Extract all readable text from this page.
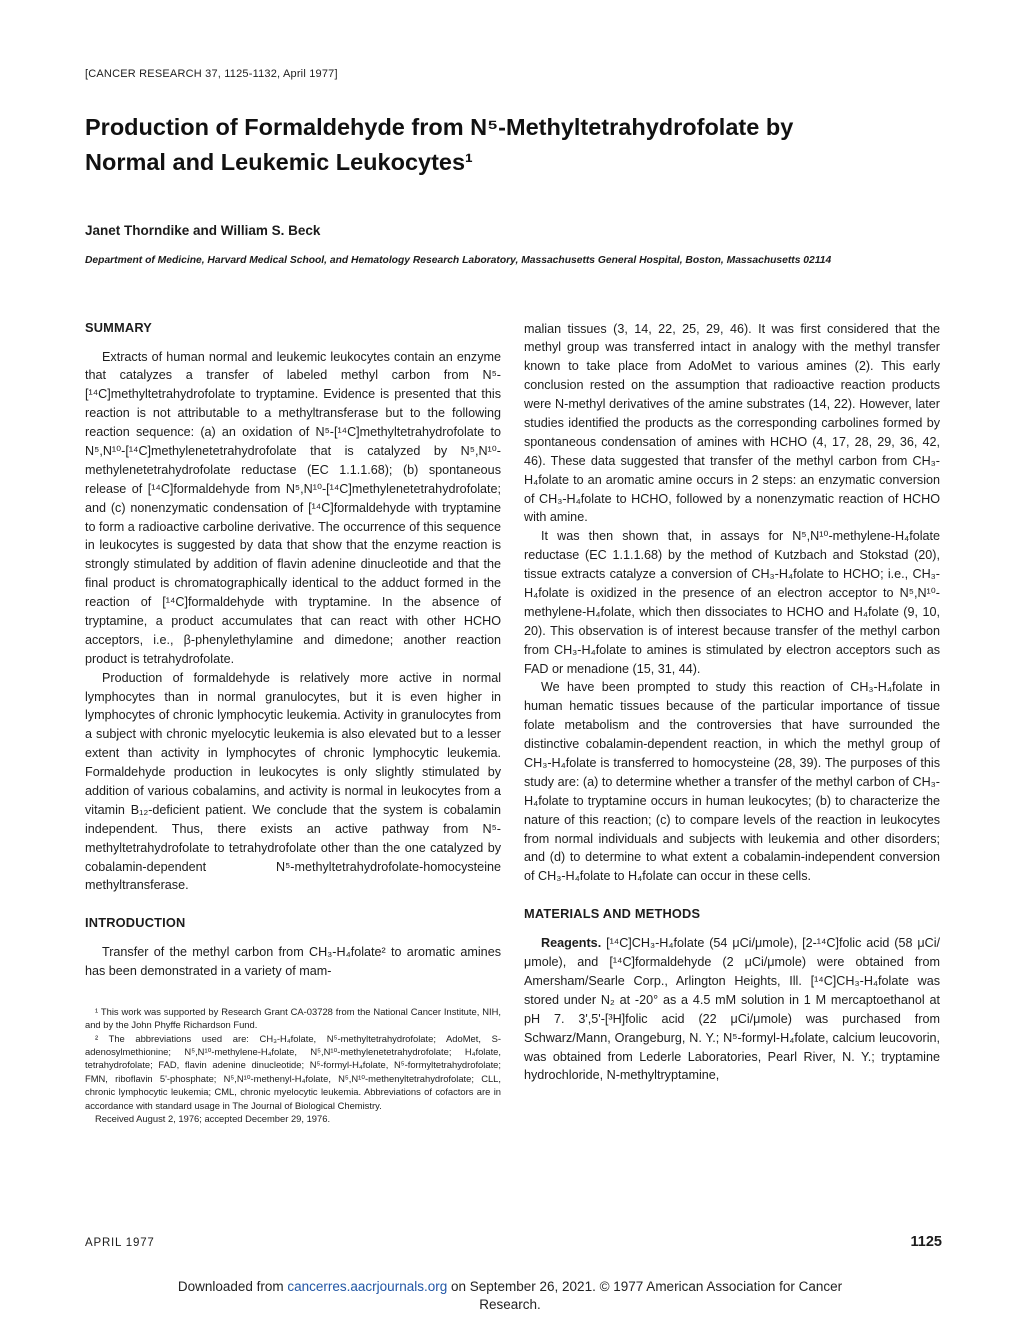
[CANCER RESEARCH 37, 1125-1132, April 1977]
Production of Formaldehyde from N⁵-Methyltetrahydrofolate by
Normal and Leukemic Leukocytes¹
Janet Thorndike and William S. Beck
Department of Medicine, Harvard Medical School, and Hematology Research Laboratory, Massachusetts General Hospital, Boston, Massachusetts 02114
SUMMARY

Extracts of human normal and leukemic leukocytes contain an enzyme that catalyzes a transfer of labeled methyl carbon from N⁵-[¹⁴C]methyltetrahydrofolate to tryptamine. Evidence is presented that this reaction is not attributable to a methyltransferase but to the following reaction sequence: (a) an oxidation of N⁵-[¹⁴C]methyltetrahydrofolate to N⁵,N¹⁰-[¹⁴C]methylenetetrahydrofolate that is catalyzed by N⁵,N¹⁰-methylenetetrahydrofolate reductase (EC 1.1.1.68); (b) spontaneous release of [¹⁴C]formaldehyde from N⁵,N¹⁰-[¹⁴C]methylenetetrahydrofolate; and (c) nonenzymatic condensation of [¹⁴C]formaldehyde with tryptamine to form a radioactive carboline derivative. The occurrence of this sequence in leukocytes is suggested by data that show that the enzyme reaction is strongly stimulated by addition of flavin adenine dinucleotide and that the final product is chromatographically identical to the adduct formed in the reaction of [¹⁴C]formaldehyde with tryptamine. In the absence of tryptamine, a product accumulates that can react with other HCHO acceptors, i.e., β-phenylethylamine and dimedone; another reaction product is tetrahydrofolate.

Production of formaldehyde is relatively more active in normal lymphocytes than in normal granulocytes, but it is even higher in lymphocytes of chronic lymphocytic leukemia. Activity in granulocytes from a subject with chronic myelocytic leukemia is also elevated but to a lesser extent than activity in lymphocytes of chronic lymphocytic leukemia. Formaldehyde production in leukocytes is only slightly stimulated by addition of various cobalamins, and activity is normal in leukocytes from a vitamin B₁₂-deficient patient. We conclude that the system is cobalamin independent. Thus, there exists an active pathway from N⁵-methyltetrahydrofolate to tetrahydrofolate other than the one catalyzed by cobalamin-dependent N⁵-methyltetrahydrofolate-homocysteine methyltransferase.

INTRODUCTION

Transfer of the methyl carbon from CH₃-H₄folate² to aromatic amines has been demonstrated in a variety of mam-

¹ This work was supported by Research Grant CA-03728 from the National Cancer Institute, NIH, and by the John Phyffe Richardson Fund.

² The abbreviations used are: CH₃-H₄folate, N⁵-methyltetrahydrofolate; AdoMet, S-adenosylmethionine; N⁵,N¹⁰-methylene-H₄folate, N⁵,N¹⁰-methylenetetrahydrofolate; H₄folate, tetrahydrofolate; FAD, flavin adenine dinucleotide; N⁵-formyl-H₄folate, N⁵-formyltetrahydrofolate; FMN, riboflavin 5'-phosphate; N⁵,N¹⁰-methenyl-H₄folate, N⁵,N¹⁰-methenyltetrahydrofolate; CLL, chronic lymphocytic leukemia; CML, chronic myelocytic leukemia. Abbreviations of cofactors are in accordance with standard usage in The Journal of Biological Chemistry.

Received August 2, 1976; accepted December 29, 1976.

malian tissues (3, 14, 22, 25, 29, 46). It was first considered that the methyl group was transferred intact in analogy with the methyl transfer known to take place from AdoMet to various amines (2). This early conclusion rested on the assumption that radioactive reaction products were N-methyl derivatives of the amine substrates (14, 22). However, later studies identified the products as the corresponding carbolines formed by spontaneous condensation of amines with HCHO (4, 17, 28, 29, 36, 42, 46). These data suggested that transfer of the methyl carbon from CH₃-H₄folate to an aromatic amine occurs in 2 steps: an enzymatic conversion of CH₃-H₄folate to HCHO, followed by a nonenzymatic reaction of HCHO with amine.

It was then shown that, in assays for N⁵,N¹⁰-methylene-H₄folate reductase (EC 1.1.1.68) by the method of Kutzbach and Stokstad (20), tissue extracts catalyze a conversion of CH₃-H₄folate to HCHO; i.e., CH₃-H₄folate is oxidized in the presence of an electron acceptor to N⁵,N¹⁰-methylene-H₄folate, which then dissociates to HCHO and H₄folate (9, 10, 20). This observation is of interest because transfer of the methyl carbon from CH₃-H₄folate to amines is stimulated by electron acceptors such as FAD or menadione (15, 31, 44).

We have been prompted to study this reaction of CH₃-H₄folate in human hematic tissues because of the particular importance of tissue folate metabolism and the controversies that have surrounded the distinctive cobalamin-dependent reaction, in which the methyl group of CH₃-H₄folate is transferred to homocysteine (28, 39). The purposes of this study are: (a) to determine whether a transfer of the methyl carbon of CH₃-H₄folate to tryptamine occurs in human leukocytes; (b) to characterize the nature of this reaction; (c) to compare levels of the reaction in leukocytes from normal individuals and subjects with leukemia and other disorders; and (d) to determine to what extent a cobalamin-independent conversion of CH₃-H₄folate to H₄folate can occur in these cells.

MATERIALS AND METHODS

Reagents. [¹⁴C]CH₃-H₄folate (54 μCi/μmole), [2-¹⁴C]folic acid (58 μCi/μmole), and [¹⁴C]formaldehyde (2 μCi/μmole) were obtained from Amersham/Searle Corp., Arlington Heights, Ill. [¹⁴C]CH₃-H₄folate was stored under N₂ at -20° as a 4.5 mM solution in 1 M mercaptoethanol at pH 7. 3',5'-[³H]folic acid (22 μCi/μmole) was purchased from Schwarz/Mann, Orangeburg, N. Y.; N⁵-formyl-H₄folate, calcium leucovorin, was obtained from Lederle Laboratories, Pearl River, N. Y.; tryptamine hydrochloride, N-methyltryptamine,

APRIL 1977	1125
Downloaded from cancerres.aacrjournals.org on September 26, 2021. © 1977 American Association for Cancer
Research.
